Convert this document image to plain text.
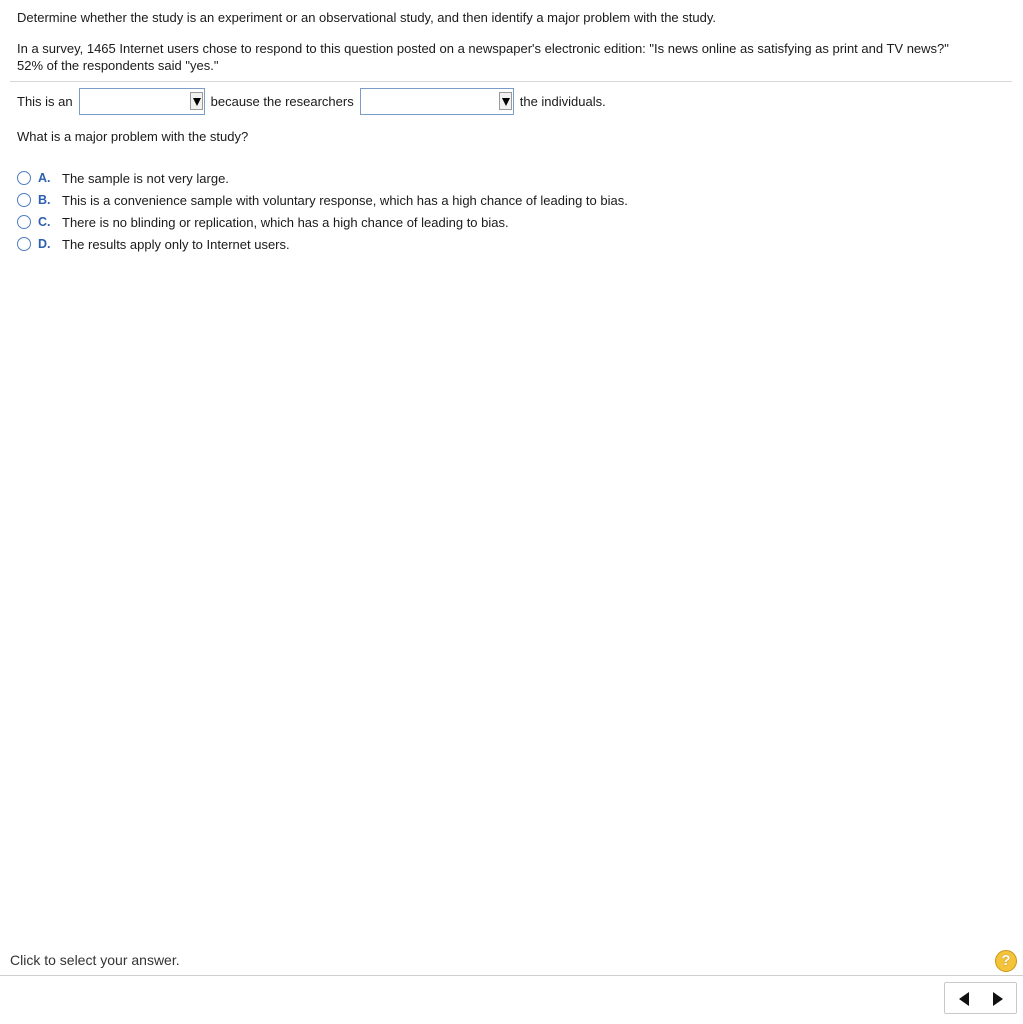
Determine whether the study is an experiment or an observational study, and then identify a major problem with the study.
In a survey, 1465 Internet users chose to respond to this question posted on a newspaper's electronic edition: "Is news online as satisfying as print and TV news?"
52% of the respondents said "yes."
This is an	because the researchers	the individuals.
What is a major problem with the study?
A. The sample is not very large.
B. This is a convenience sample with voluntary response, which has a high chance of leading to bias.
C. There is no blinding or replication, which has a high chance of leading to bias.
D. The results apply only to Internet users.
Click to select your answer.	?
